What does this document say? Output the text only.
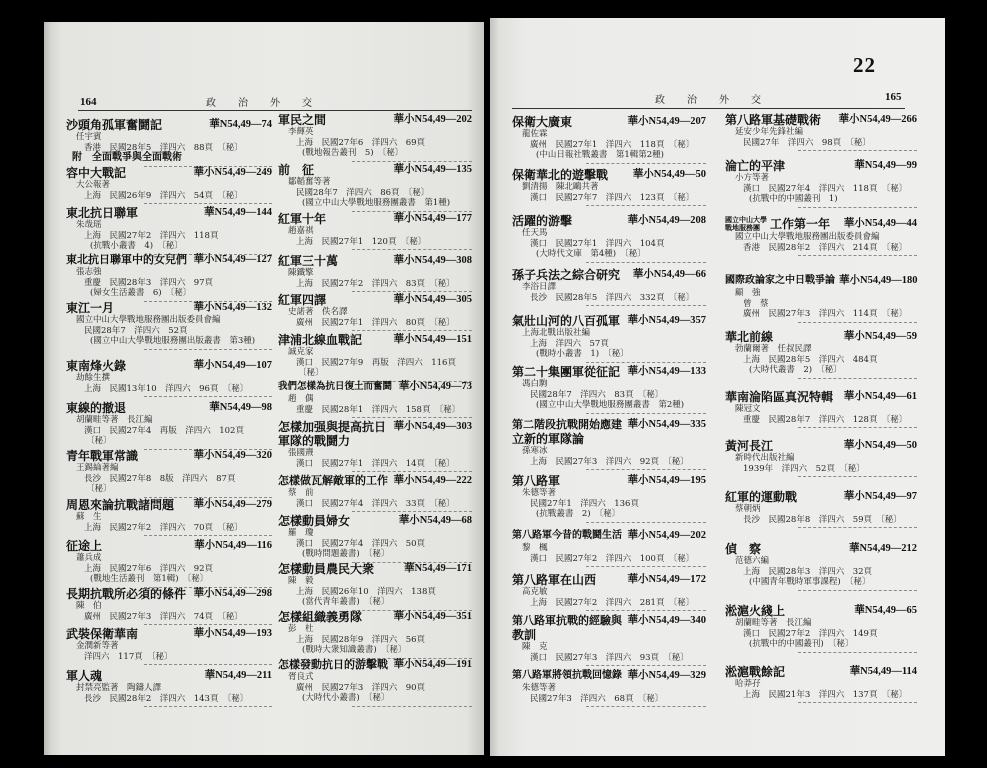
164	政　治　外　交
沙頭角孤軍奮鬪記	華N54,49—74
任宇賓
香港　民國28年5　洋四六　88頁　〔秘〕
附　全面戰爭與全面戰術
容中大戰記	華小N54,49—249
大公報著
上海　民國26年9　洋四六　54頁　〔秘〕
東北抗日聯軍	華N54,49—144
朱哉瑶
上海　民國27年2　洋四六　118頁
(抗戰小叢書　4)　〔秘〕
東北抗日聯軍中的女兒們 華小N54,49—127
張志強
重慶　民國28年3　洋四六　97頁
(婦女生活叢書　6)　〔秘〕
東江一月	華小N54,49—132
國立中山大學戰地服務團出版委員會編
民國28年7　洋四六　52頁
(國立中山大學戰地服務團出版叢書　第3種)
東南烽火錄	華小N54,49—107
劫餘生撰
上海　民國13年10　洋四六　96頁　〔秘〕
東線的撤退	華N54,49—98
胡蘭畦等著　長江編
漢口　民國27年4　再版　洋四六　102頁
〔秘〕
青年戰軍常識	華小N54,49—320
王錫綸著編
長沙　民國27年8　8版　洋四六　87頁
〔秘〕
周恩來論抗戰諸問題 華小N54,49—279
蘇　生
上海　民國27年2　洋四六　70頁　〔秘〕
征途上	華小N54,49—116
蕭兵成
上海　民國27年6　洋四六　92頁
(戰地生活叢刊　第1輯)　〔秘〕
長期抗戰所必須的條件 華小N54,49—298
陳　伯
廣州　民國27年3　洋四六　74頁　〔秘〕
武裝保衛華南	華小N54,49—193
金潤新等著
洋四六　117頁　〔秘〕
軍人魂	華N54,49—211
封禁亮監著　陶鑄人譯
長沙　民國28年2　洋四六　143頁　〔秘〕
軍民之間	華小N54,49—202
李輝英
上海　民國27年6　洋四六　69頁
(戰地報告叢刊　5)　〔秘〕
前　征	華小N54,49—135
鄒韜奮等著
民國28年7　洋四六　86頁　〔秘〕
(國立中山大學戰地服務團叢書　第1種)
紅軍十年	華小N54,49—177
趙嘉祺
上海　民國27年1　120頁　〔秘〕
紅軍三十萬	華小N54,49—308
陳鐵擎
上海　民國27年2　洋四六　83頁　〔秘〕
紅軍四譯	華小N54,49—305
史諾著　佚名譯
廣州　民國27年1　洋四六　80頁　〔秘〕
津浦北線血戰記	華小N54,49—151
誠克家
漢口　民國27年9　再版　洋四六　116頁
〔秘〕
我們怎樣為抗日復土而奮鬪 華小N54,49—73
趙　偶
重慶　民國28年1　洋四六　158頁　〔秘〕
怎樣加强與提高抗日 華小N54,49—303
軍隊的戰鬪力
張國燾
漢口　民國27年1　洋四六　14頁　〔秘〕
怎樣做瓦解敵軍的工作 華小N54,49—222
蔡　前
漢口　民國27年4　洋四六　33頁　〔秘〕
怎樣動員婦女	華小N54,49—68
羅　瓊
漢口　民國27年4　洋四六　50頁
(戰時問題叢書)　〔秘〕
怎樣動員農民大衆	華N54,49—171
陳　毅
上海　民國26年10　洋四六　138頁
(當代青年叢書)　〔秘〕
怎樣組織義勇隊	華小N54,49—351
彭　杜
上海　民國28年9　洋四六　56頁
(戰時大衆知識叢書)　〔秘〕
怎樣發動抗日的游擊戰 華小N54,49—191
胥良式
廣州　民國27年3　洋四六　90頁
(大時代小叢書)　〔秘〕
22
政　治　外　交	165
保衛大廣東	華小N54,49—207
龍佐霖
廣州　民國27年1　洋四六　118頁　〔秘〕
(中山日報社戰叢書　第1輯第2種)
保衛華北的遊擊戰 華小N54,49—50
劉清揚　陳北鷗共著
漢口　民國27年7　洋四六　123頁　〔秘〕
活躍的游擊	華小N54,49—208
任天馬
漢口　民國27年1　洋四六　104頁
(大時代文庫　第4種)　〔秘〕
孫子兵法之綜合研究 華小N54,49—66
李浴日譯
長沙　民國28年5　洋四六　332頁　〔秘〕
氣壯山河的八百孤軍 華小N54,49—357
上海北戰出版社編
上海　洋四六　57頁
(戰時小叢書　1)　〔秘〕
第二十集團軍從征記 華小N54,49—133
馮白駒
民國28年7　洋四六　83頁　〔秘〕
(國立中山大學戰地服務團叢書　第2種)
第二階段抗戰開始應建 華小N54,49—335
立新的軍隊論
孫寒冰
上海　民國27年3　洋四六　92頁　〔秘〕
第八路軍	華小N54,49—195
朱德等著
民國27年1　洋四六　136頁
(抗戰叢書　2)　〔秘〕
第八路軍今昔的戰鬪生活 華小N54,49—202
黎　楓
漢口　民國27年2　洋四六　100頁　〔秘〕
第八路軍在山西	華小N54,49—172
高克敏
上海　民國27年2　洋四六　281頁　〔秘〕
第八路軍抗戰的經驗與 華小N54,49—340
教訓
陳　克
漢口　民國27年3　洋四六　93頁　〔秘〕
第八路軍將領抗戰回憶錄 華小N54,49—329
朱德等著
民國27年3　洋四六　68頁　〔秘〕
第八路軍基礎戰術 華小N54,49—266
延安少年先鋒社編
民國27年　洋四六　98頁　〔秘〕
淪亡的平津	華N54,49—99
小方等著
漢口　民國27年4　洋四六　118頁　〔秘〕
(抗戰中的中國叢刊　1)
國立中山大學
戰地服務團 工作第一年 華小N54,49—44
國立中山大學戰地服務團出版委員會編
香港　民國28年2　洋四六　214頁　〔秘〕
國際政論家之中日戰爭論 華小N54,49—180
顧　強
曾　蔡
廣州　民國27年3　洋四六　114頁　〔秘〕
華北前線	華小N54,49—59
勃蘭爾著　任叔民譯
上海　民國28年5　洋四六　484頁
(大時代叢書　2)　〔秘〕
華南淪陷區真況特輯 華小N54,49—61
陳冠文
重慶　民國28年7　洋四六　128頁　〔秘〕
黃河長江	華小N54,49—50
新時代出版社編
1939年　洋四六　52頁　〔秘〕
紅軍的運動戰	華小N54,49—97
蔡朝炳
長沙　民國28年8　洋四六　59頁　〔秘〕
偵　察	華N54,49—212
范德六編
上海　民國28年3　洋四六　32頁
(中國青年戰時軍事課程)　〔秘〕
淞滬火綫上	華N54,49—65
胡蘭畦等著　長江編
漢口　民國27年2　洋四六　149頁
(抗戰中的中國叢刊)　〔秘〕
淞滬戰餘記	華N54,49—114
哈莽孖
上海　民國21年3　洋四六　137頁　〔秘〕
